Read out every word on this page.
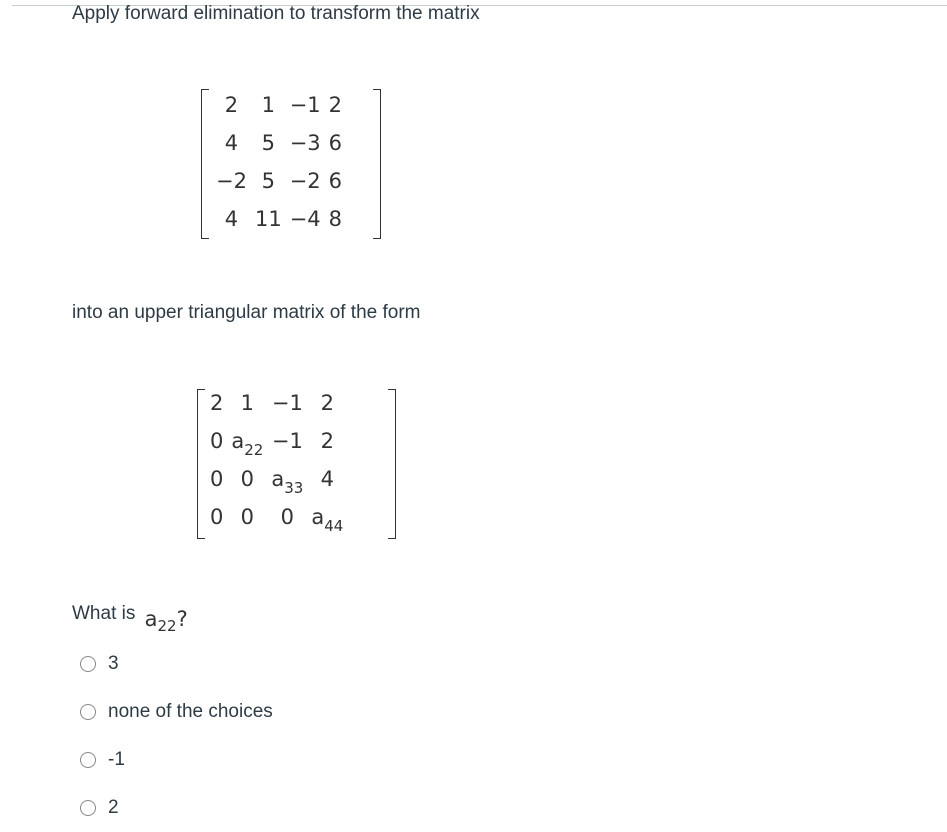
Apply forward elimination to transform the matrix
2	1	−1	2
4	5	−3	6
−2	5	−2	6
4	11	−4	8
into an upper triangular matrix of the form
2	1	−1	2
0	$a_{22}$	−1	2
0	0	$a_{33}$	4
0	0	0	$a_{44}$
What is $a_{22}$?
3
none of the choices
-1
2
